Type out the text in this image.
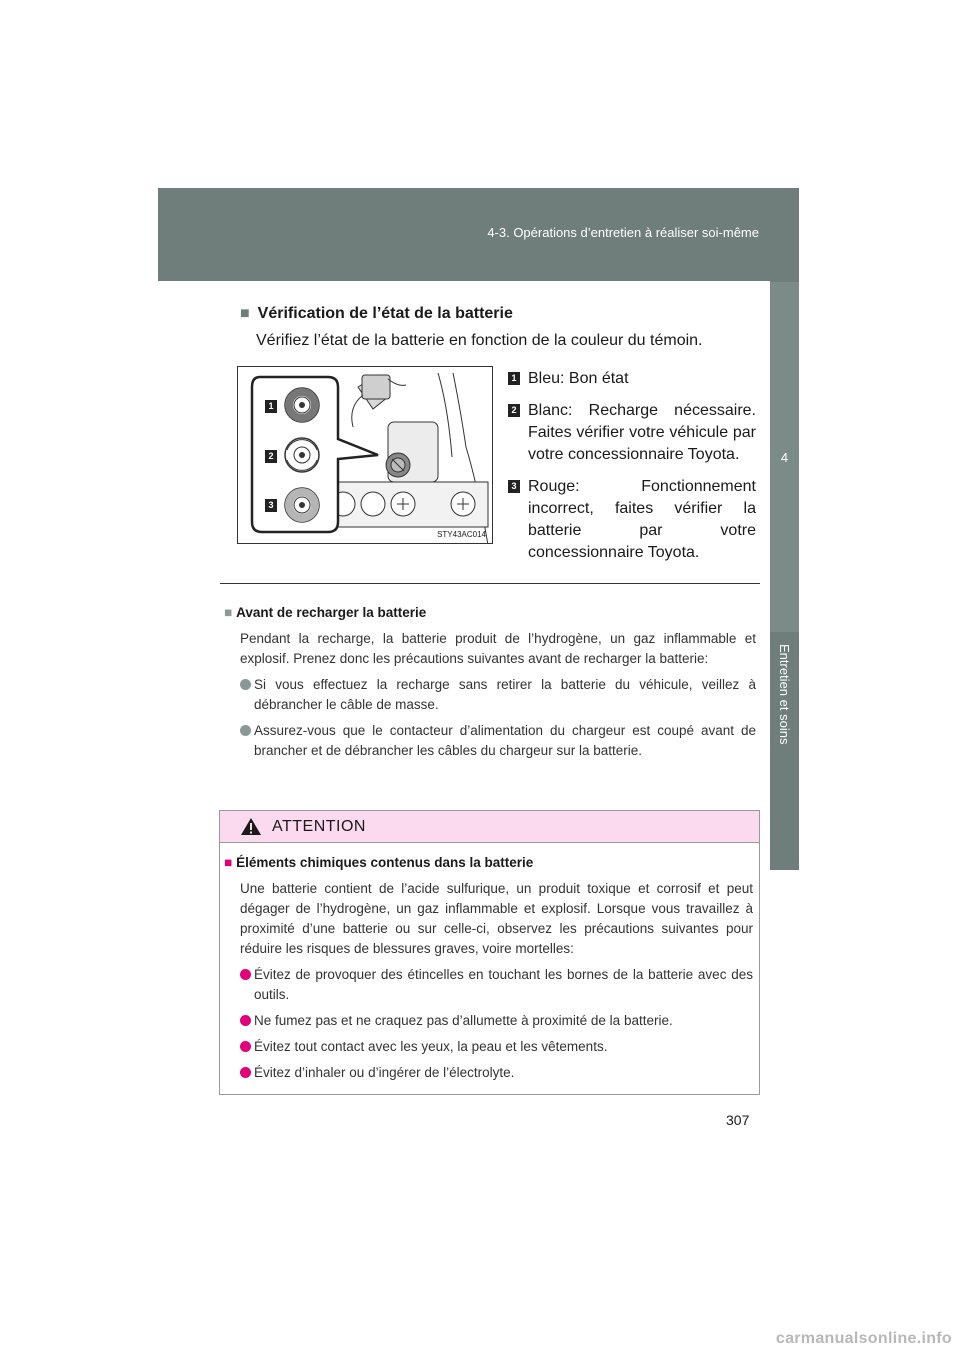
4-3. Opérations d’entretien à réaliser soi-même
4
Entretien et soins
■ Vérification de l’état de la batterie
Vérifiez l’état de la batterie en fonction de la couleur du témoin.
1
2
3
STY43AC014
1 Bleu: Bon état
2 Blanc: Recharge nécessaire. Faites vérifier votre véhicule par votre concessionnaire Toyota.
3 Rouge: Fonctionnement incorrect, faites vérifier la batterie par votre concessionnaire Toyota.
■ Avant de recharger la batterie
Pendant la recharge, la batterie produit de l’hydrogène, un gaz inflammable et explosif. Prenez donc les précautions suivantes avant de recharger la batterie:
Si vous effectuez la recharge sans retirer la batterie du véhicule, veillez à débrancher le câble de masse.
Assurez-vous que le contacteur d’alimentation du chargeur est coupé avant de brancher et de débrancher les câbles du chargeur sur la batterie.
ATTENTION
■ Éléments chimiques contenus dans la batterie
Une batterie contient de l’acide sulfurique, un produit toxique et corrosif et peut dégager de l’hydrogène, un gaz inflammable et explosif. Lorsque vous travaillez à proximité d’une batterie ou sur celle-ci, observez les précautions suivantes pour réduire les risques de blessures graves, voire mortelles:
Évitez de provoquer des étincelles en touchant les bornes de la batterie avec des outils.
Ne fumez pas et ne craquez pas d’allumette à proximité de la batterie.
Évitez tout contact avec les yeux, la peau et les vêtements.
Évitez d’inhaler ou d’ingérer de l’électrolyte.
307
carmanualsonline.info
